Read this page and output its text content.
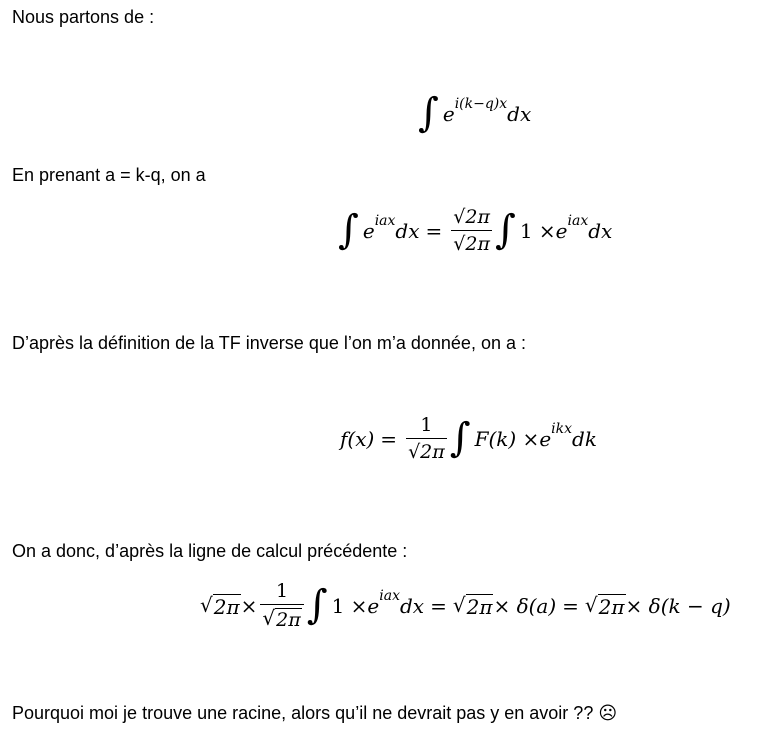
Nous partons de :
∫ $e^{i(k-q)x}$ dx
En prenant a = k-q, on a
∫ $e^{iax}$ dx = $\frac{√2\pi}{√2\pi}$ ∫ $1 \times e^{iax}$ dx
D’après la définition de la TF inverse que l’on m’a donnée, on a :
$f(x) = \frac{1}{√2\pi}$ ∫ $F(k) \times e^{ikx}$ dk
On a donc, d’après la ligne de calcul précédente :
√ $2\pi \times \frac{1}{√ 2\pi}$ ∫ $1 \times e^{iax}$ dx = √ 2π × δ(a) = √ 2π × δ(k − q)
Pourquoi moi je trouve une racine, alors qu’il ne devrait pas y en avoir ?? ☹
